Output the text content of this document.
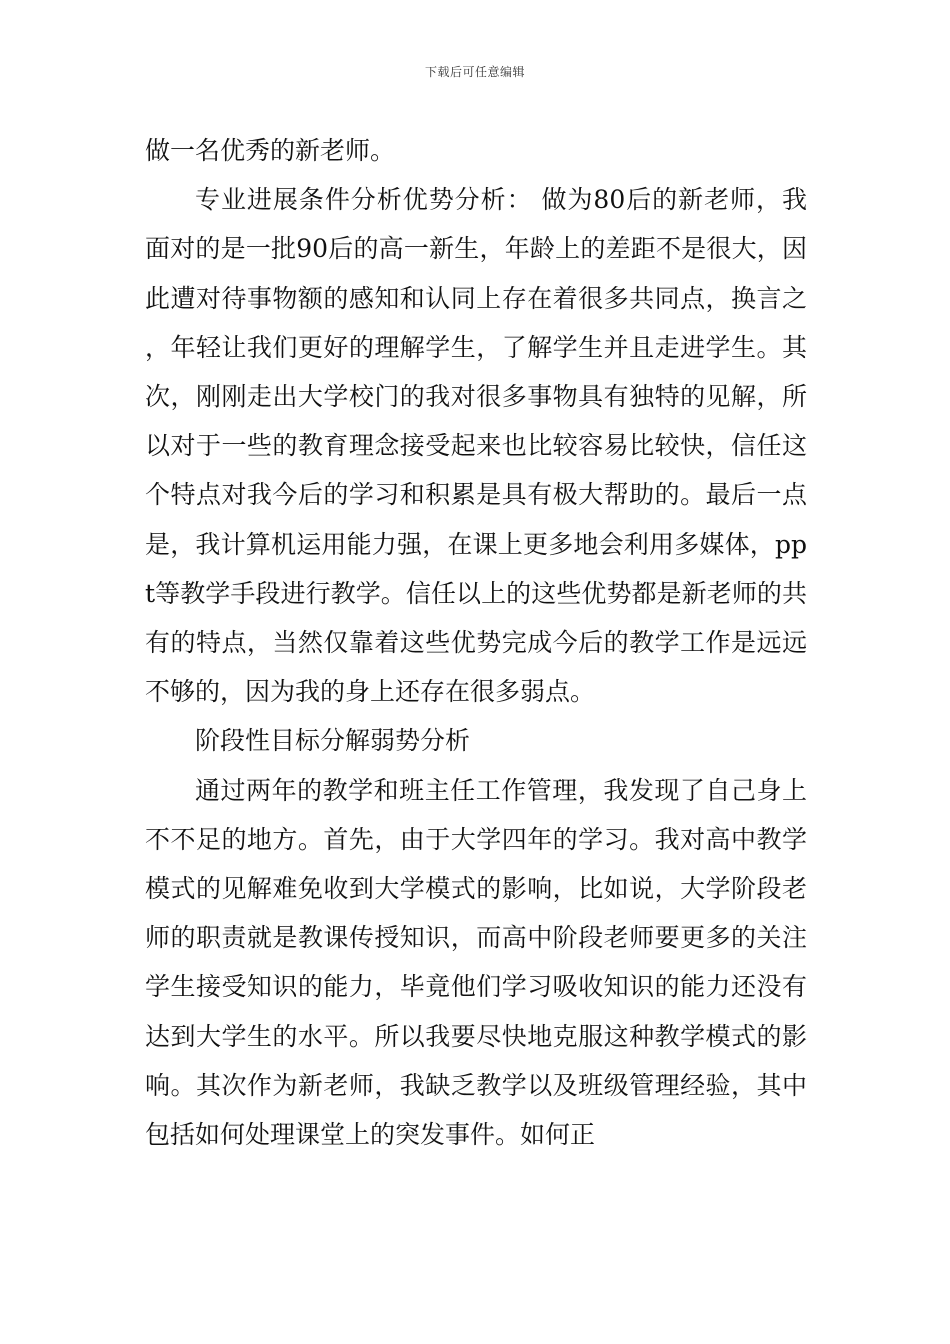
下载后可任意编辑

做一名优秀的新老师。

专业进展条件分析优势分析： 做为80后的新老师，我面对的是一批90后的高一新生，年龄上的差距不是很大，因此遭对待事物额的感知和认同上存在着很多共同点，换言之，年轻让我们更好的理解学生，了解学生并且走进学生。其次，刚刚走出大学校门的我对很多事物具有独特的见解，所以对于一些的教育理念接受起来也比较容易比较快，信任这个特点对我今后的学习和积累是具有极大帮助的。最后一点是，我计算机运用能力强，在课上更多地会利用多媒体，ppt等教学手段进行教学。信任以上的这些优势都是新老师的共有的特点，当然仅靠着这些优势完成今后的教学工作是远远不够的，因为我的身上还存在很多弱点。

阶段性目标分解弱势分析

通过两年的教学和班主任工作管理，我发现了自己身上不不足的地方。首先，由于大学四年的学习。我对高中教学模式的见解难免收到大学模式的影响，比如说，大学阶段老师的职责就是教课传授知识，而高中阶段老师要更多的关注学生接受知识的能力，毕竟他们学习吸收知识的能力还没有达到大学生的水平。所以我要尽快地克服这种教学模式的影响。其次作为新老师，我缺乏教学以及班级管理经验，其中包括如何处理课堂上的突发事件。如何正
